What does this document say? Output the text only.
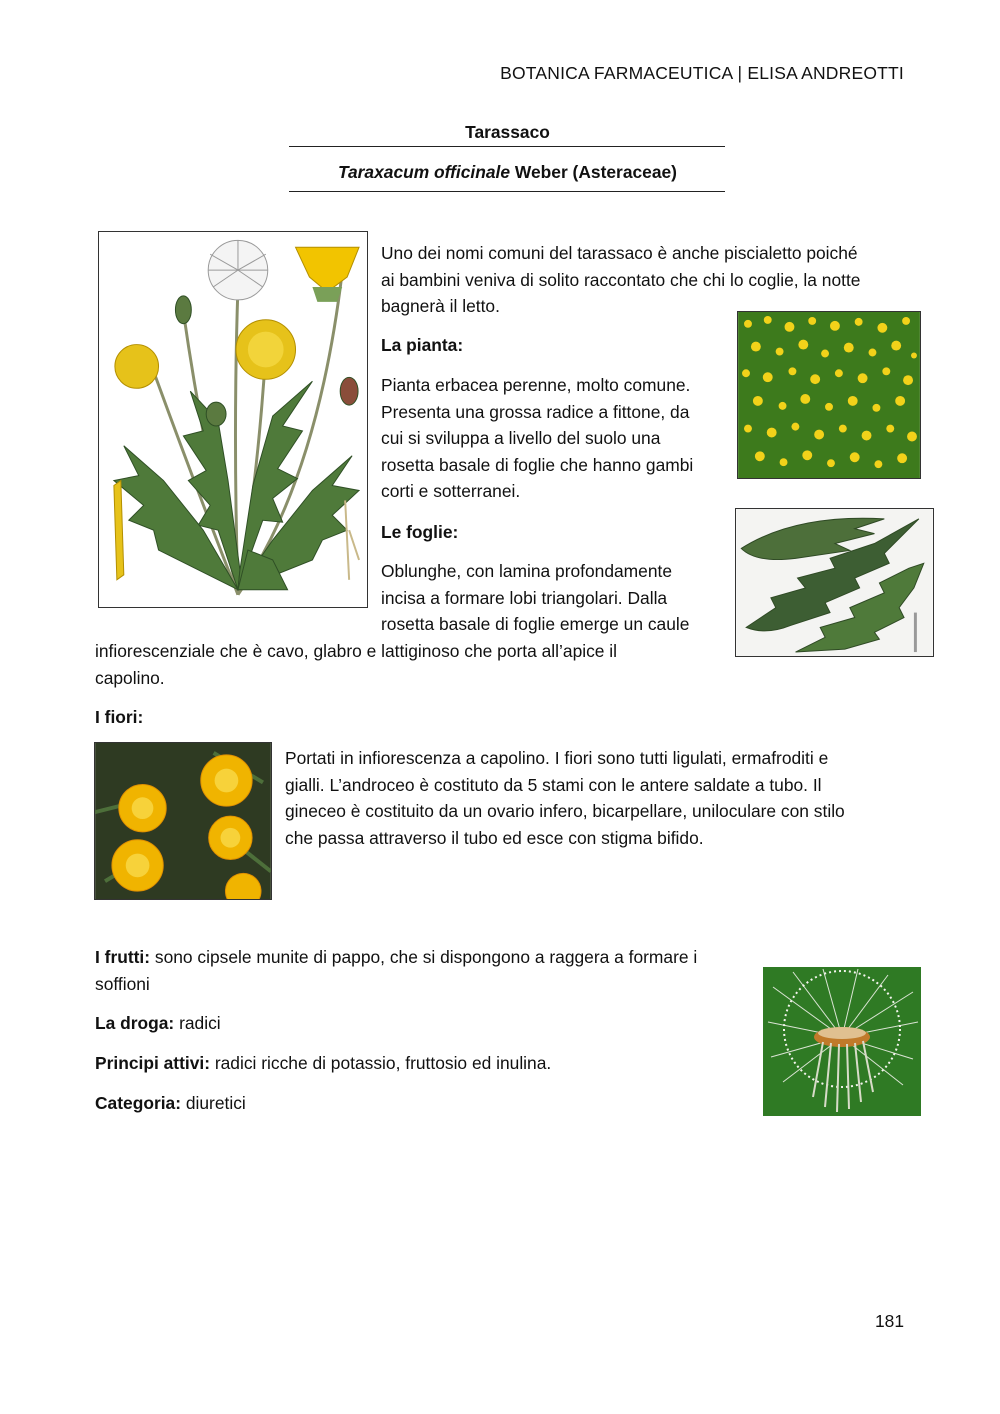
BOTANICA FARMACEUTICA | ELISA ANDREOTTI
Tarassaco
Taraxacum officinale Weber (Asteraceae)

Uno dei nomi comuni del tarassaco è anche piscialetto poiché

ai bambini veniva di solito raccontato che chi lo coglie, la notte

bagnerà il letto.

La pianta:

Pianta erbacea perenne, molto comune.

Presenta una grossa radice a fittone, da

cui si sviluppa a livello del suolo una

rosetta basale di foglie che hanno gambi

corti e sotterranei.

Le foglie:

Oblunghe, con lamina profondamente

incisa a formare lobi triangolari. Dalla

rosetta basale di foglie emerge un caule

infiorescenziale che è cavo, glabro e lattiginoso che porta all’apice il

capolino.

I fiori:

Portati in infiorescenza a capolino. I fiori sono tutti ligulati, ermafroditi e

gialli. L’androceo è costituto da 5 stami con le antere saldate a tubo. Il

gineceo è costituito da un ovario infero, bicarpellare, uniloculare con stilo

che passa attraverso il tubo ed esce con stigma bifido.

I frutti: sono cipsele munite di pappo, che si dispongono a raggera a formare i

soffioni

La droga: radici
Principi attivi: radici ricche di potassio, fruttosio ed inulina.
Categoria: diuretici
181
